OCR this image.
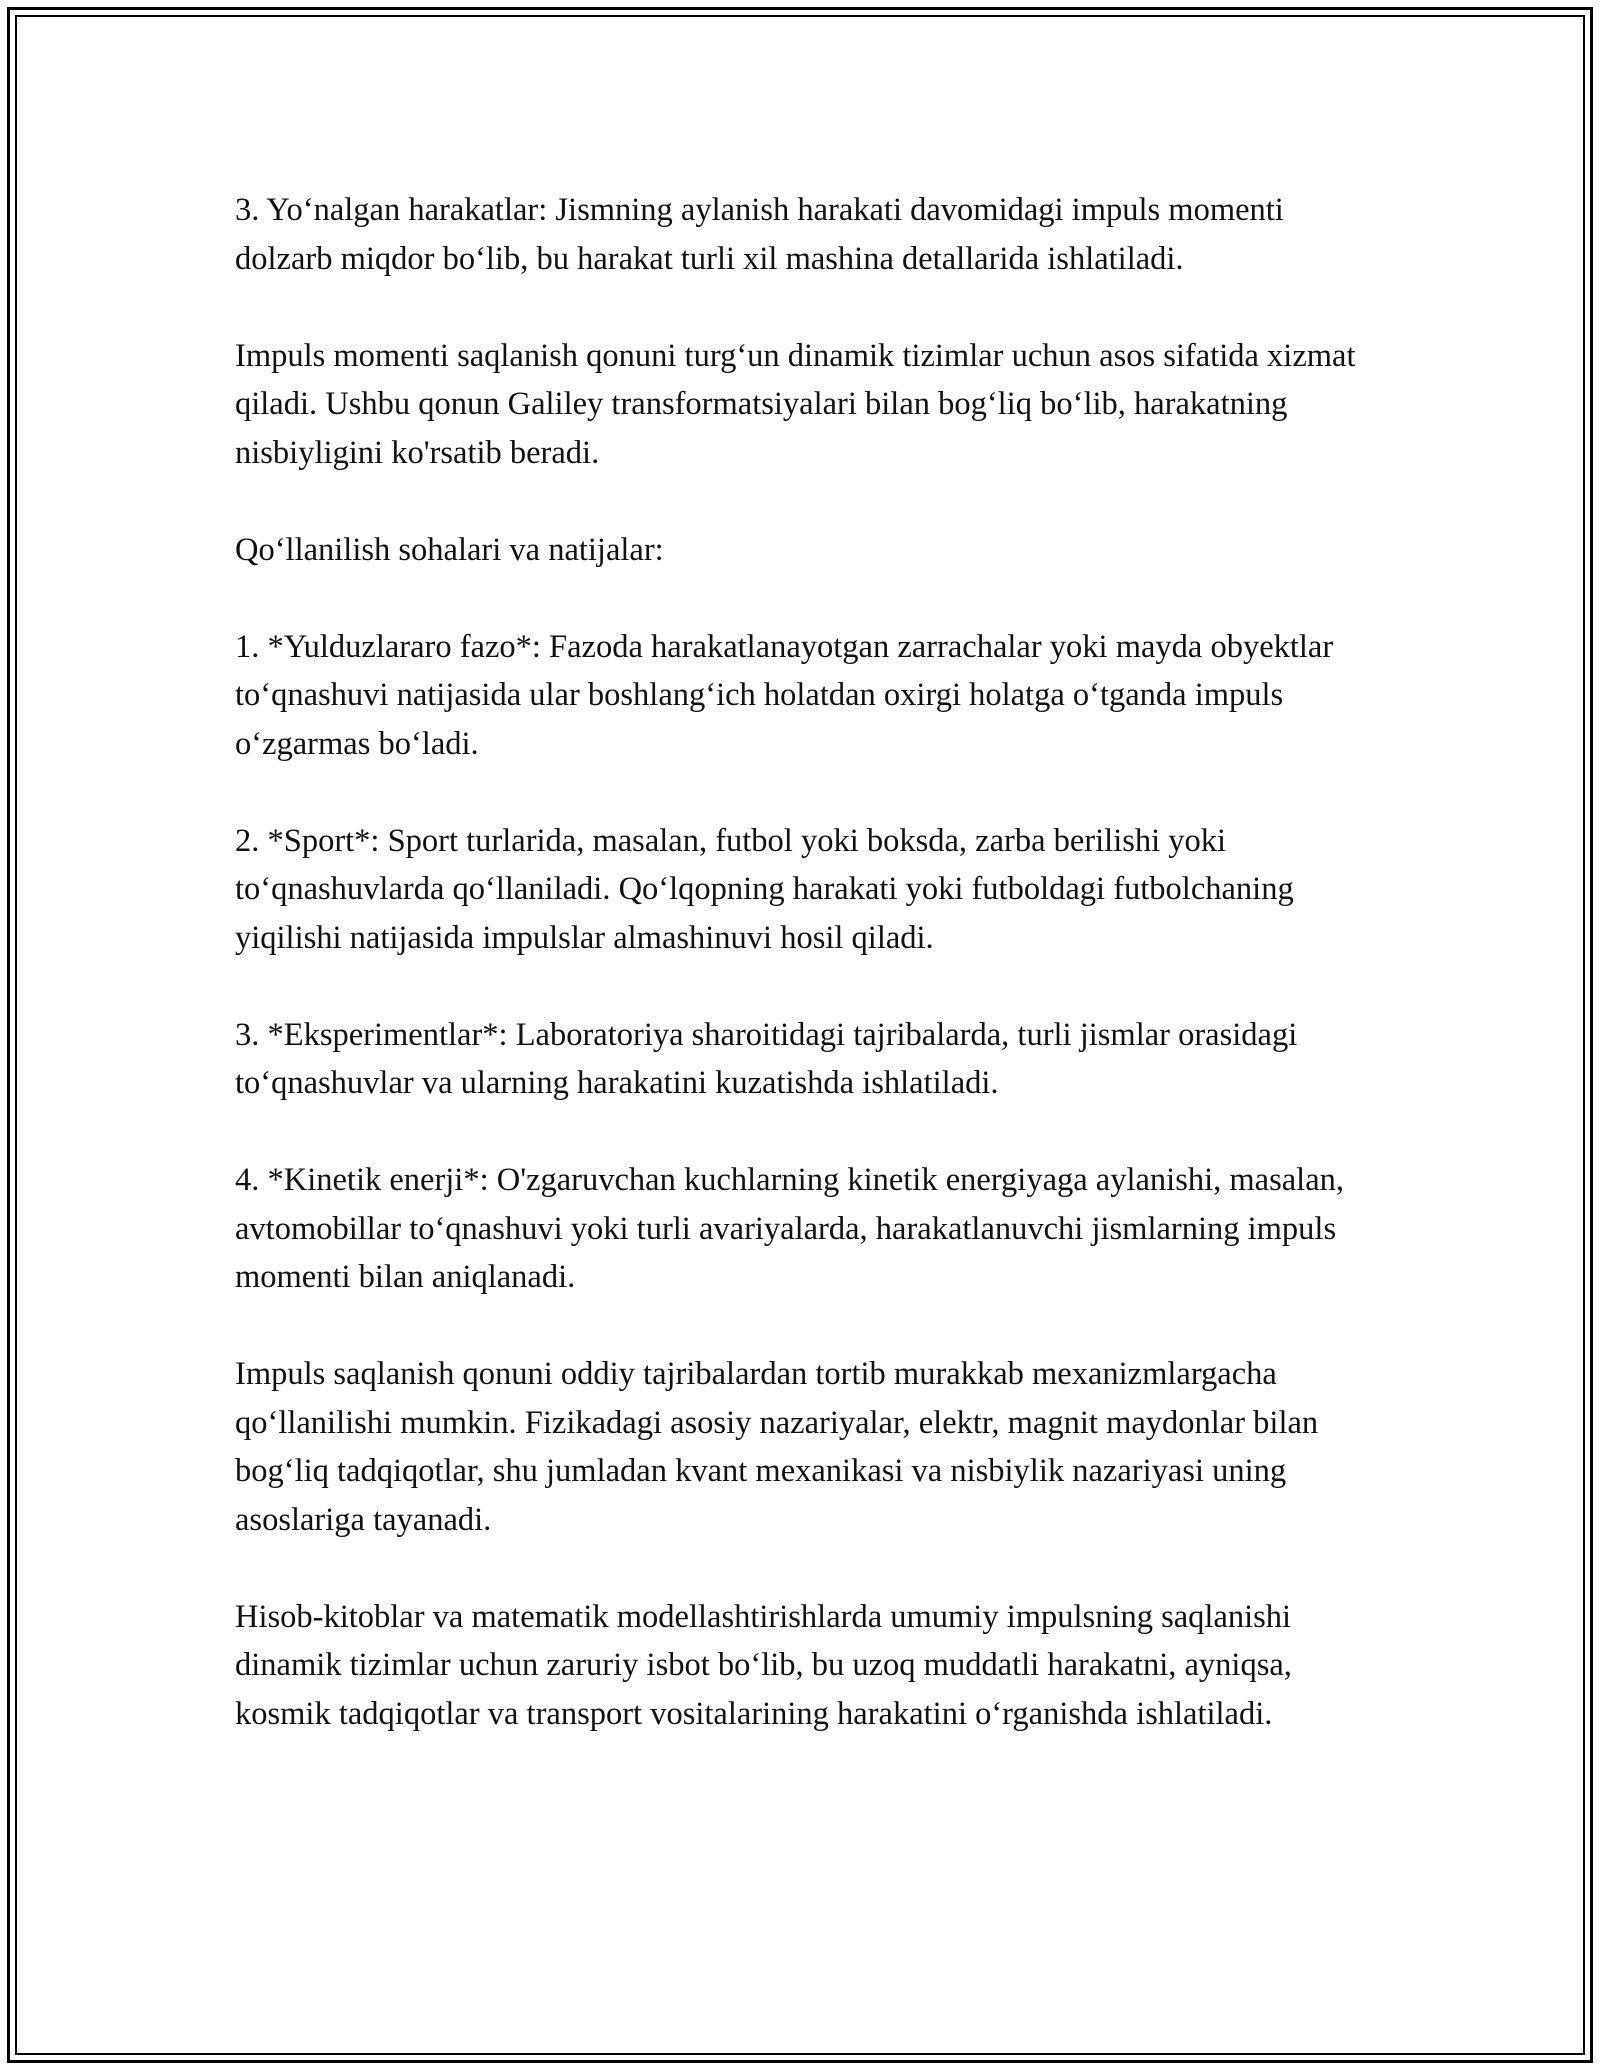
3. Yo‘nalgan harakatlar: Jismning aylanish harakati davomidagi impuls momenti dolzarb miqdor bo‘lib, bu harakat turli xil mashina detallarida ishlatiladi.

Impuls momenti saqlanish qonuni turg‘un dinamik tizimlar uchun asos sifatida xizmat qiladi. Ushbu qonun Galiley transformatsiyalari bilan bog‘liq bo‘lib, harakatning nisbiyligini ko'rsatib beradi.

Qo‘llanilish sohalari va natijalar:

1. *Yulduzlararo fazo*: Fazoda harakatlanayotgan zarrachalar yoki mayda obyektlar to‘qnashuvi natijasida ular boshlang‘ich holatdan oxirgi holatga o‘tganda impuls o‘zgarmas bo‘ladi.

2. *Sport*: Sport turlarida, masalan, futbol yoki boksda, zarba berilishi yoki to‘qnashuvlarda qo‘llaniladi. Qo‘lqopning harakati yoki futboldagi futbolchaning yiqilishi natijasida impulslar almashinuvi hosil qiladi.

3. *Eksperimentlar*: Laboratoriya sharoitidagi tajribalarda, turli jismlar orasidagi to‘qnashuvlar va ularning harakatini kuzatishda ishlatiladi.

4. *Kinetik enerji*: O'zgaruvchan kuchlarning kinetik energiyaga aylanishi, masalan, avtomobillar to‘qnashuvi yoki turli avariyalarda, harakatlanuvchi jismlarning impuls momenti bilan aniqlanadi.

Impuls saqlanish qonuni oddiy tajribalardan tortib murakkab mexanizmlargacha qo‘llanilishi mumkin. Fizikadagi asosiy nazariyalar, elektr, magnit maydonlar bilan bog‘liq tadqiqotlar, shu jumladan kvant mexanikasi va nisbiylik nazariyasi uning asoslariga tayanadi.

Hisob-kitoblar va matematik modellashtirishlarda umumiy impulsning saqlanishi dinamik tizimlar uchun zaruriy isbot bo‘lib, bu uzoq muddatli harakatni, ayniqsa, kosmik tadqiqotlar va transport vositalarining harakatini o‘rganishda ishlatiladi.
